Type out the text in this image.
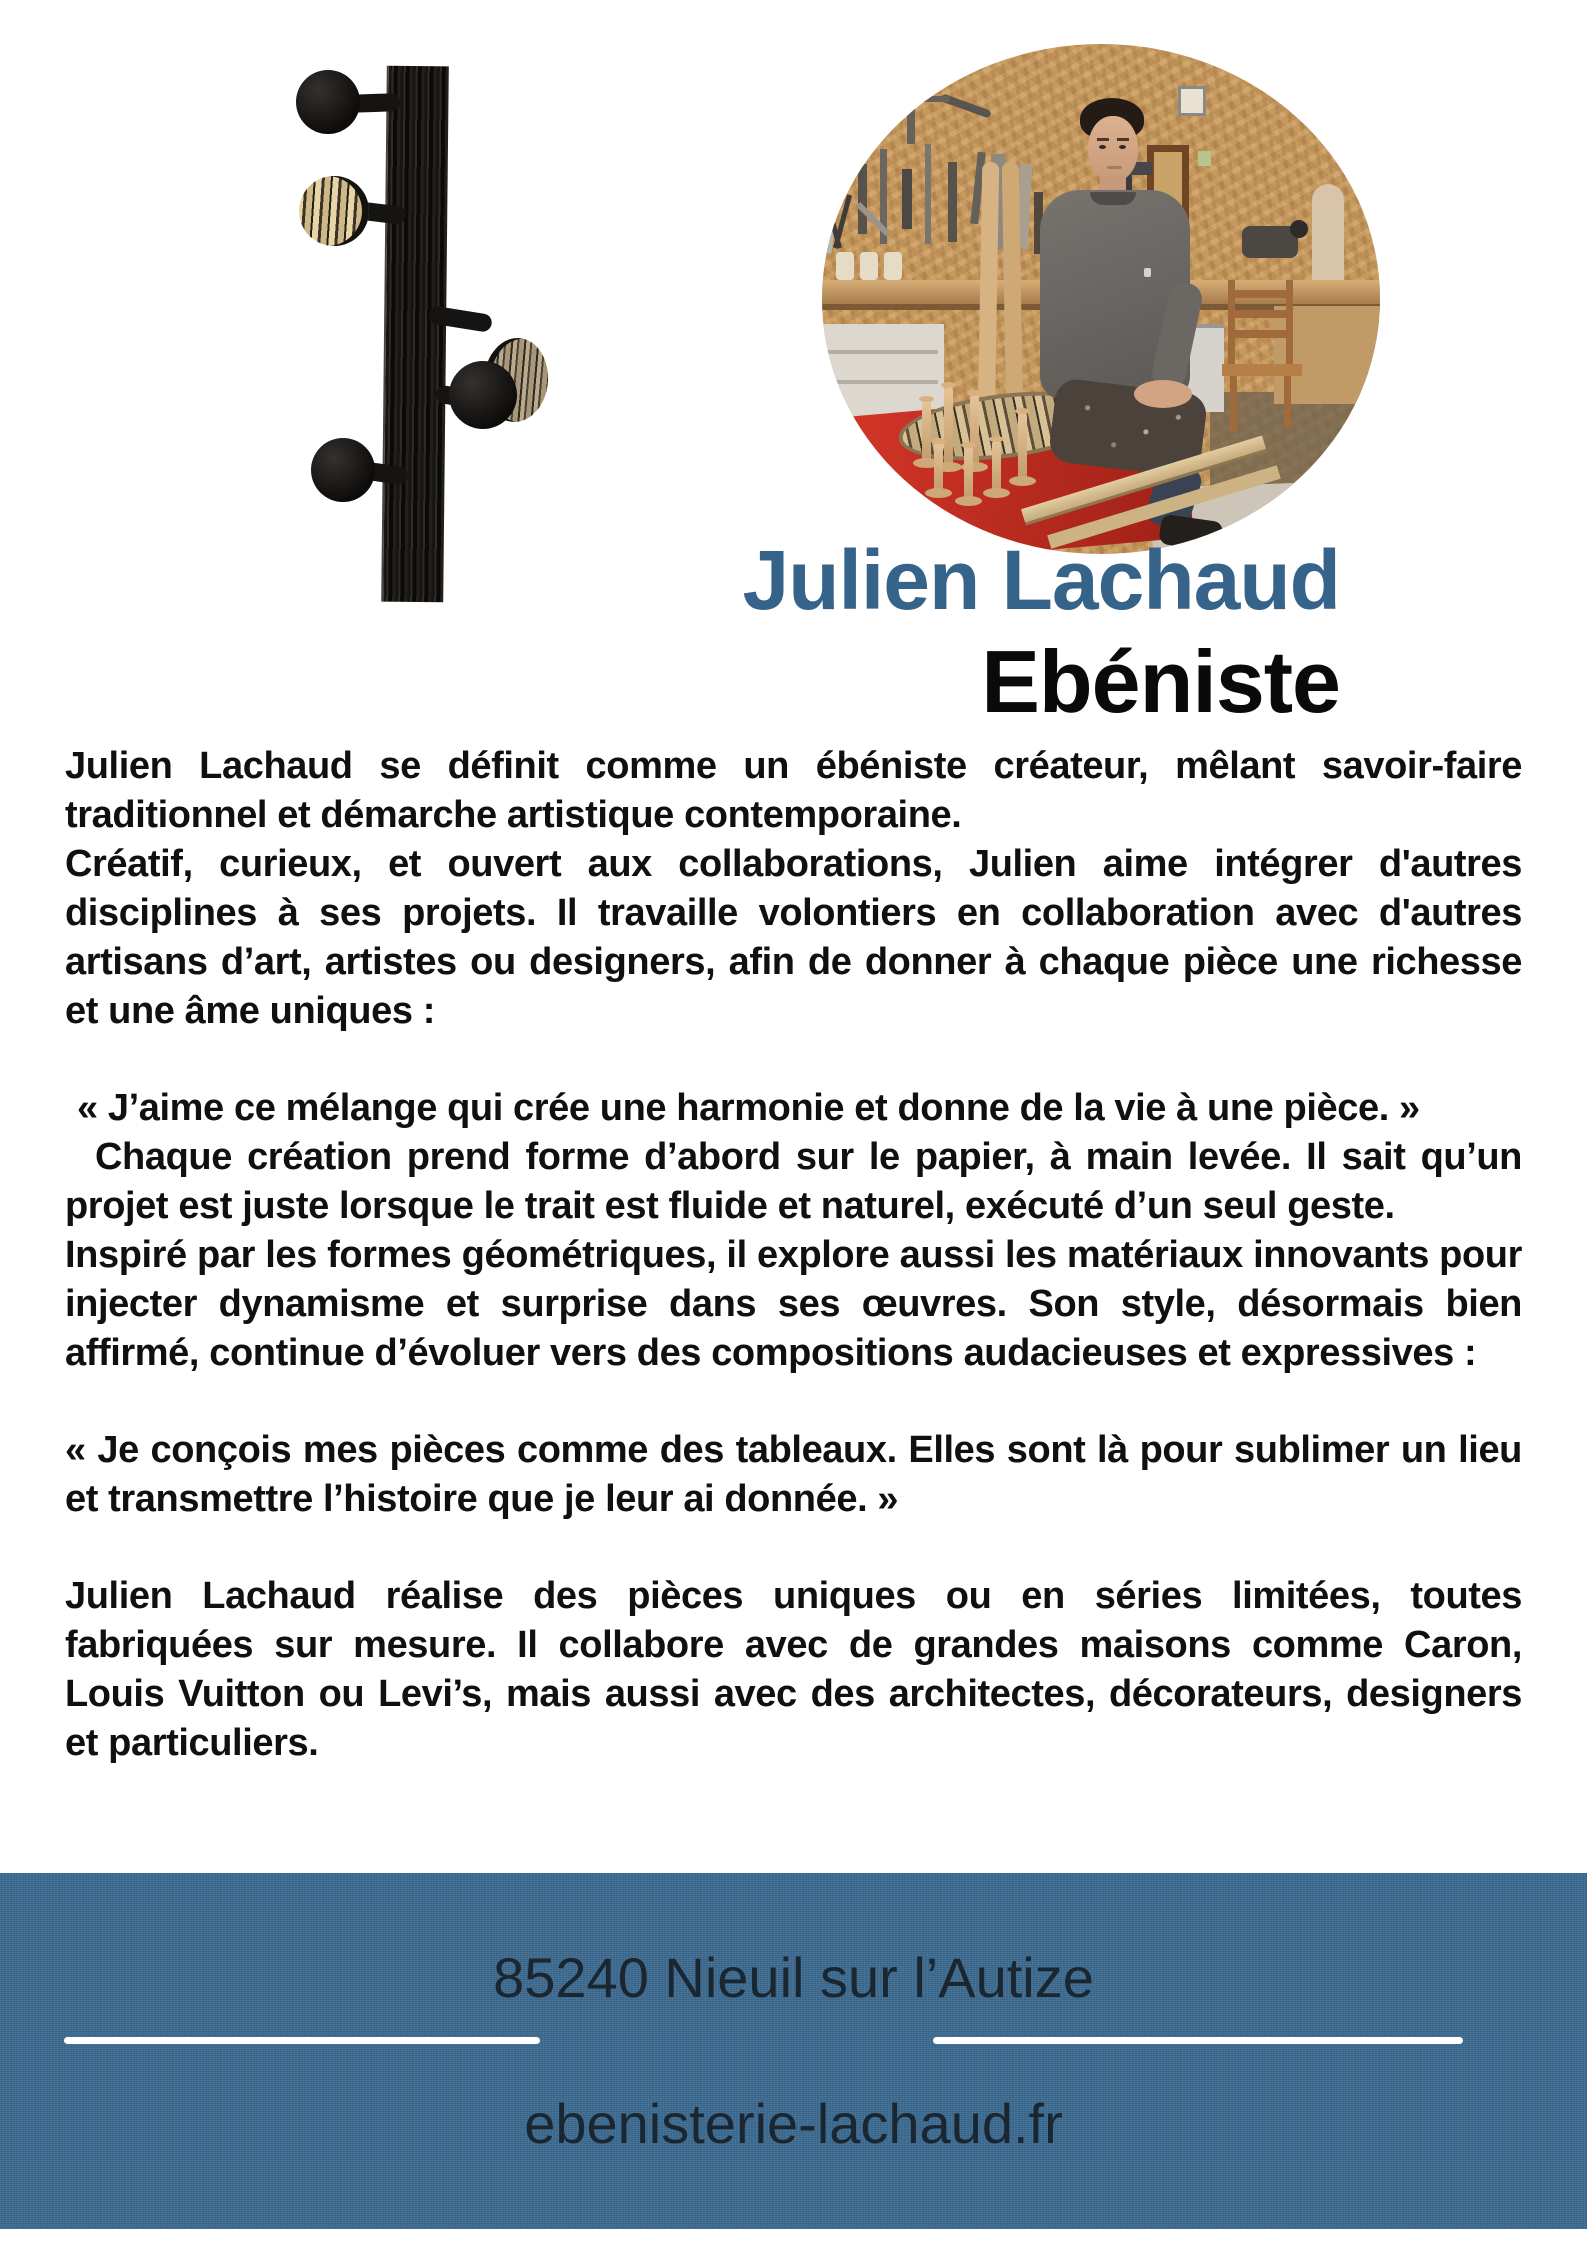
Julien Lachaud
Ebéniste

Julien Lachaud se définit comme un ébéniste créateur, mêlant savoir-faire traditionnel et démarche artistique contemporaine.

Créatif, curieux, et ouvert aux collaborations, Julien aime intégrer d'autres disciplines à ses projets. Il travaille volontiers en collaboration avec d'autres artisans d’art, artistes ou designers, afin de donner à chaque pièce une richesse et une âme uniques :

« J’aime ce mélange qui crée une harmonie et donne de la vie à une pièce. »

Chaque création prend forme d’abord sur le papier, à main levée. Il sait qu’un projet est juste lorsque le trait est fluide et naturel, exécuté d’un seul geste.

Inspiré par les formes géométriques, il explore aussi les matériaux innovants pour injecter dynamisme et surprise dans ses œuvres. Son style, désormais bien affirmé, continue d’évoluer vers des compositions audacieuses et expressives :

« Je conçois mes pièces comme des tableaux. Elles sont là pour sublimer un lieu et transmettre l’histoire que je leur ai donnée. »

Julien Lachaud réalise des pièces uniques ou en séries limitées, toutes fabriquées sur mesure. Il collabore avec de grandes maisons comme Caron, Louis Vuitton ou Levi’s, mais aussi avec des architectes, décorateurs, designers et particuliers.

85240 Nieuil sur l’Autize
ebenisterie-lachaud.fr
